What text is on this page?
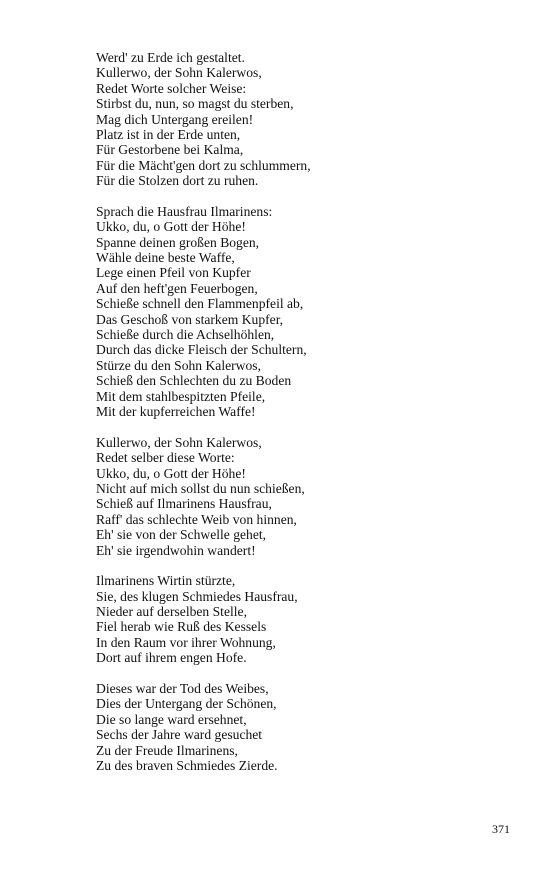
Werd' zu Erde ich gestaltet.
Kullerwo, der Sohn Kalerwos,
Redet Worte solcher Weise:
Stirbst du, nun, so magst du sterben,
Mag dich Untergang ereilen!
Platz ist in der Erde unten,
Für Gestorbene bei Kalma,
Für die Mächt'gen dort zu schlummern,
Für die Stolzen dort zu ruhen.
Sprach die Hausfrau Ilmarinens:
Ukko, du, o Gott der Höhe!
Spanne deinen großen Bogen,
Wähle deine beste Waffe,
Lege einen Pfeil von Kupfer
Auf den heft'gen Feuerbogen,
Schieße schnell den Flammenpfeil ab,
Das Geschoß von starkem Kupfer,
Schieße durch die Achselhöhlen,
Durch das dicke Fleisch der Schultern,
Stürze du den Sohn Kalerwos,
Schieß den Schlechten du zu Boden
Mit dem stahlbespitzten Pfeile,
Mit der kupferreichen Waffe!
Kullerwo, der Sohn Kalerwos,
Redet selber diese Worte:
Ukko, du, o Gott der Höhe!
Nicht auf mich sollst du nun schießen,
Schieß auf Ilmarinens Hausfrau,
Raff' das schlechte Weib von hinnen,
Eh' sie von der Schwelle gehet,
Eh' sie irgendwohin wandert!
Ilmarinens Wirtin stürzte,
Sie, des klugen Schmiedes Hausfrau,
Nieder auf derselben Stelle,
Fiel herab wie Ruß des Kessels
In den Raum vor ihrer Wohnung,
Dort auf ihrem engen Hofe.
Dieses war der Tod des Weibes,
Dies der Untergang der Schönen,
Die so lange ward ersehnet,
Sechs der Jahre ward gesuchet
Zu der Freude Ilmarinens,
Zu des braven Schmiedes Zierde.
371
